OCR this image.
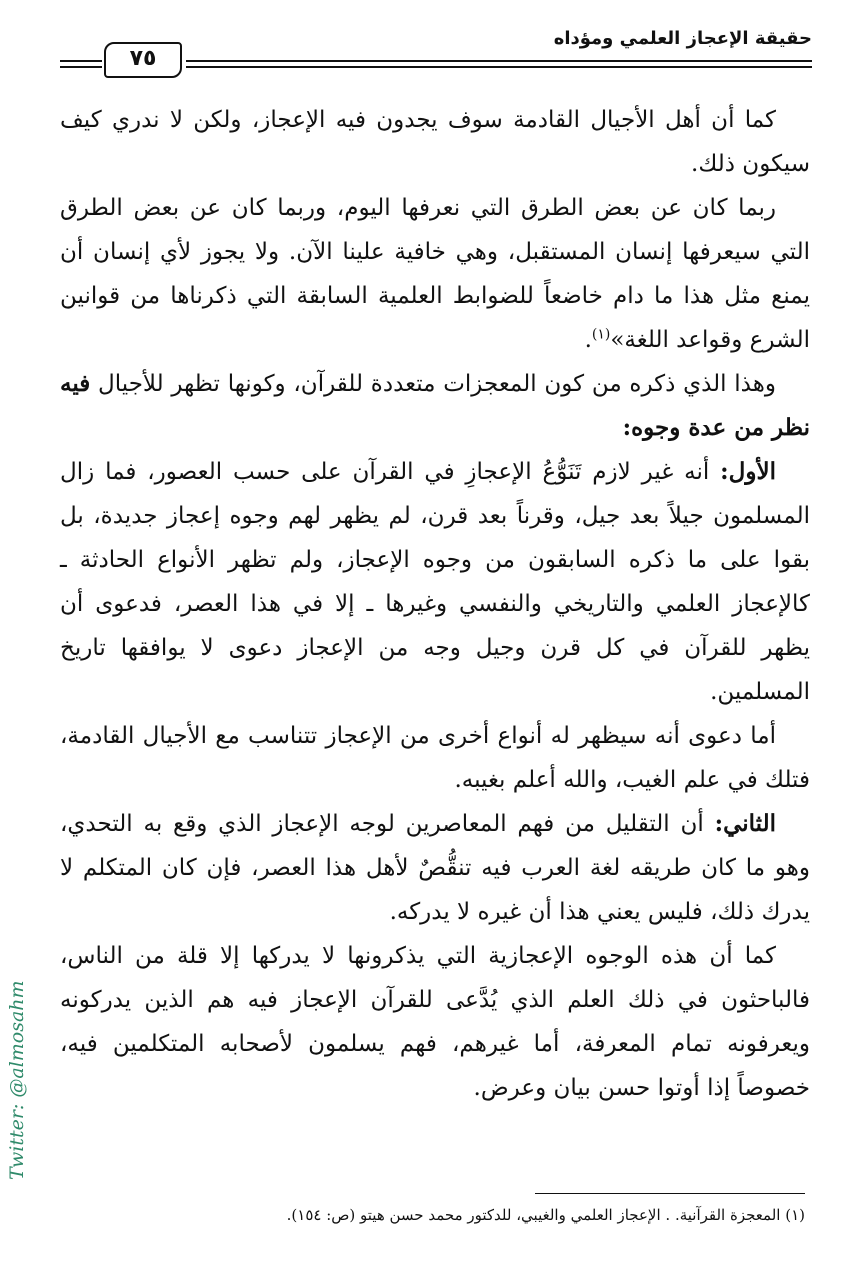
حقيقة الإعجاز العلمي ومؤداه
٧٥

كما أن أهل الأجيال القادمة سوف يجدون فيه الإعجاز، ولكن لا ندري كيف سيكون ذلك.

ربما كان عن بعض الطرق التي نعرفها اليوم، وربما كان عن بعض الطرق التي سيعرفها إنسان المستقبل، وهي خافية علينا الآن. ولا يجوز لأي إنسان أن يمنع مثل هذا ما دام خاضعاً للضوابط العلمية السابقة التي ذكرناها من قوانين الشرع وقواعد اللغة»$^{(١)}$.

وهذا الذي ذكره من كون المعجزات متعددة للقرآن، وكونها تظهر للأجيال فيه نظر من عدة وجوه:

الأول: أنه غير لازم تَنَوُّعُ الإعجازِ في القرآن على حسب العصور، فما زال المسلمون جيلاً بعد جيل، وقرناً بعد قرن، لم يظهر لهم وجوه إعجاز جديدة، بل بقوا على ما ذكره السابقون من وجوه الإعجاز، ولم تظهر الأنواع الحادثة ـ كالإعجاز العلمي والتاريخي والنفسي وغيرها ـ إلا في هذا العصر، فدعوى أن يظهر للقرآن في كل قرن وجيل وجه من الإعجاز دعوى لا يوافقها تاريخ المسلمين.

أما دعوى أنه سيظهر له أنواع أخرى من الإعجاز تتناسب مع الأجيال القادمة، فتلك في علم الغيب، والله أعلم بغيبه.

الثاني: أن التقليل من فهم المعاصرين لوجه الإعجاز الذي وقع به التحدي، وهو ما كان طريقه لغة العرب فيه تنقُّصٌ لأهل هذا العصر، فإن كان المتكلم لا يدرك ذلك، فليس يعني هذا أن غيره لا يدركه.

كما أن هذه الوجوه الإعجازية التي يذكرونها لا يدركها إلا قلة من الناس، فالباحثون في ذلك العلم الذي يُدَّعى للقرآن الإعجاز فيه هم الذين يدركونه ويعرفونه تمام المعرفة، أما غيرهم، فهم يسلمون لأصحابه المتكلمين فيه، خصوصاً إذا أوتوا حسن بيان وعرض.

(١) المعجزة القرآنية. . الإعجاز العلمي والغيبي، للدكتور محمد حسن هيتو (ص: ١٥٤).
Twitter: @almosahm
